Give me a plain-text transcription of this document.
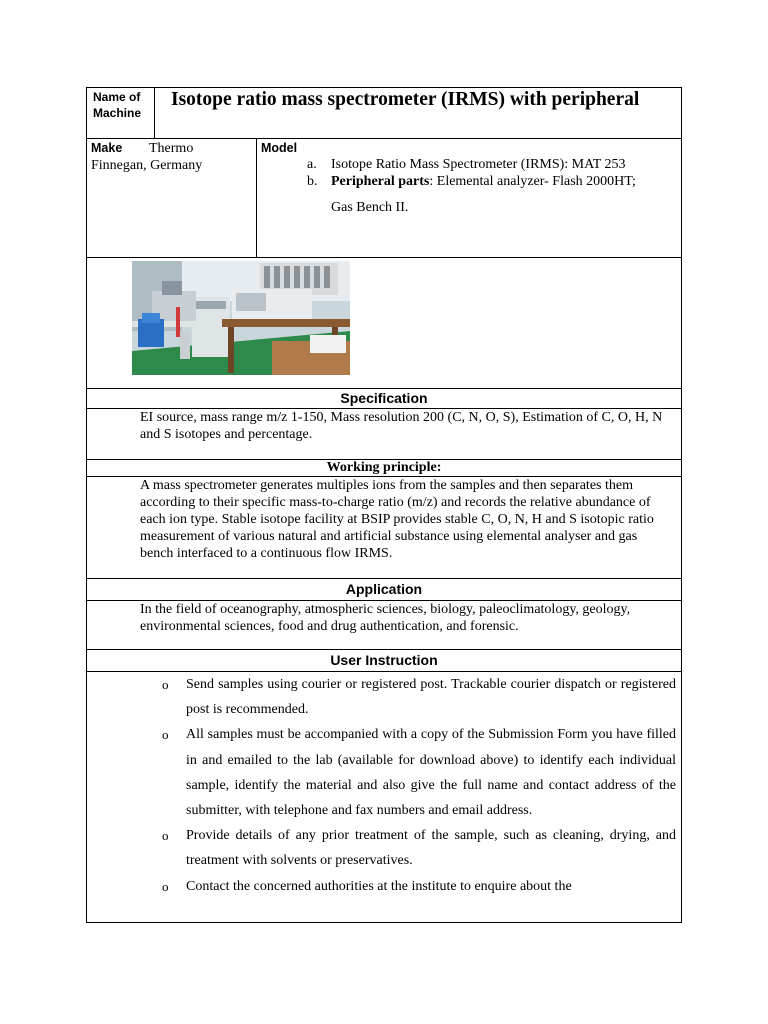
Name of Machine
Isotope ratio mass spectrometer (IRMS) with peripheral
Make	Thermo Finnegan, Germany
Model
a. Isotope Ratio Mass Spectrometer (IRMS): MAT 253
b. Peripheral parts: Elemental analyzer- Flash 2000HT;
Gas Bench II.
Specification
EI source, mass range m/z 1-150, Mass resolution 200 (C, N, O, S), Estimation of C, O, H, N and S isotopes and percentage.
Working principle:
A mass spectrometer generates multiples ions from the samples and then separates them according to their specific mass-to-charge ratio (m/z) and records the relative abundance of each ion type. Stable isotope facility at BSIP provides stable C, O, N, H and S isotopic ratio measurement of various natural and artificial substance using elemental analyser and gas bench interfaced to a continuous flow IRMS.
Application
In the field of oceanography, atmospheric sciences, biology, paleoclimatology, geology, environmental sciences, food and drug authentication, and forensic.
User Instruction
o Send samples using courier or registered post. Trackable courier dispatch or registered post is recommended.
o All samples must be accompanied with a copy of the Submission Form you have filled in and emailed to the lab (available for download above) to identify each individual sample, identify the material and also give the full name and contact address of the submitter, with telephone and fax numbers and email address.
o Provide details of any prior treatment of the sample, such as cleaning, drying, and treatment with solvents or preservatives.
o Contact the concerned authorities at the institute to enquire about the
